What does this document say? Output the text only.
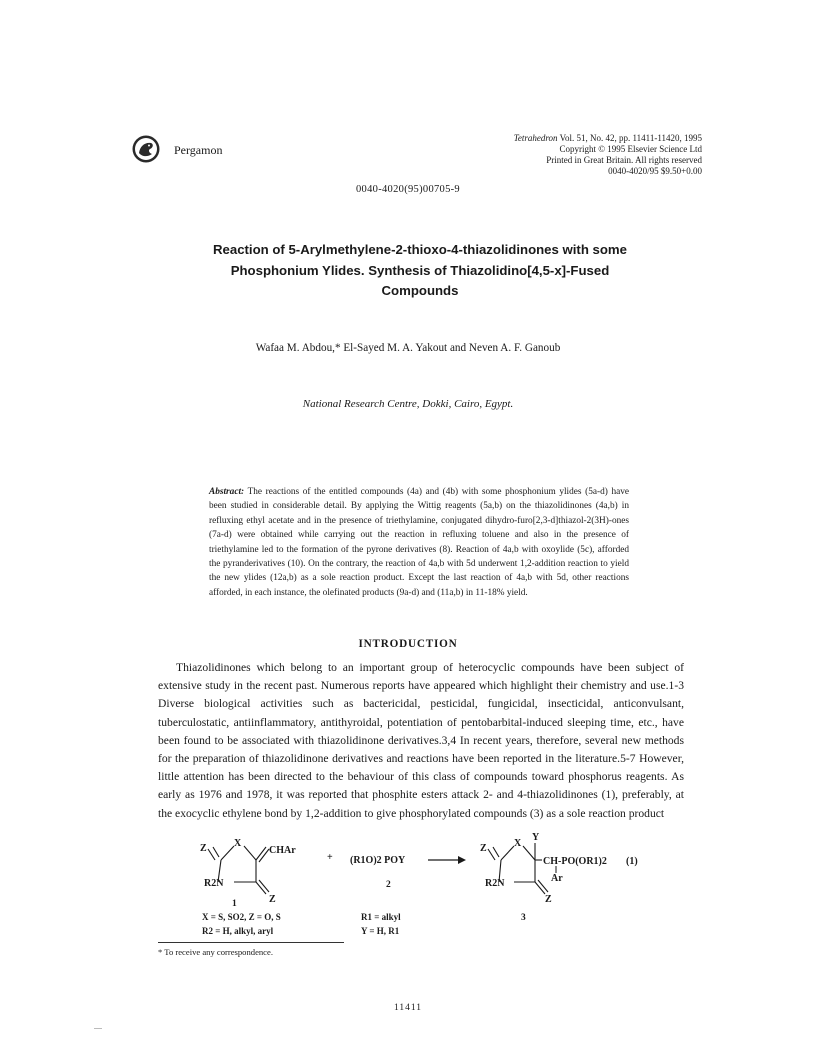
Pergamon
Tetrahedron Vol. 51, No. 42, pp. 11411-11420, 1995
Copyright © 1995 Elsevier Science Ltd
Printed in Great Britain. All rights reserved
0040-4020/95 $9.50+0.00
0040-4020(95)00705-9
Reaction of 5-Arylmethylene-2-thioxo-4-thiazolidinones with some Phosphonium Ylides. Synthesis of Thiazolidino[4,5-x]-Fused Compounds
Wafaa M. Abdou,* El-Sayed M. A. Yakout and Neven A. F. Ganoub
National Research Centre, Dokki, Cairo, Egypt.
Abstract: The reactions of the entitled compounds (4a) and (4b) with some phosphonium ylides (5a-d) have been studied in considerable detail. By applying the Wittig reagents (5a,b) on the thiazolidinones (4a,b) in refluxing ethyl acetate and in the presence of triethylamine, conjugated dihydro-furo[2,3-d]thiazol-2(3H)-ones (7a-d) were obtained while carrying out the reaction in refluxing toluene and also in the presence of triethylamine led to the formation of the pyrone derivatives (8). Reaction of 4a,b with oxoylide (5c), afforded the pyranderivatives (10). On the contrary, the reaction of 4a,b with 5d underwent 1,2-addition reaction to yield the new ylides (12a,b) as a sole reaction product. Except the last reaction of 4a,b with 5d, other reactions afforded, in each instance, the olefinated products (9a-d) and (11a,b) in 11-18% yield.
INTRODUCTION

Thiazolidinones which belong to an important group of heterocyclic compounds have been subject of extensive study in the recent past. Numerous reports have appeared which highlight their chemistry and use.1-3 Diverse biological activities such as bactericidal, pesticidal, fungicidal, insecticidal, anticonvulsant, tuberculostatic, antiinflammatory, antithyroidal, potentiation of pentobarbital-induced sleeping time, etc., have been found to be associated with thiazolidinone derivatives.3,4 In recent years, therefore, several new methods for the preparation of thiazolidinone derivatives and reactions have been reported in the literature.5-7 However, little attention has been directed to the behaviour of this class of compounds toward phosphorus reagents. As early as 1976 and 1978, it was reported that phosphite esters attack 2- and 4-thiazolidinones (1), preferably, at the exocyclic ethylene bond by 1,2-addition to give phosphorylated compounds (3) as a sole reaction product

Z	X
CHAr
R2N
Z
1
+ (R1O)2 POY
2
Z	X
Y
CH-PO(OR1)2 (1)
Ar
R2N
Z
3
X = S, SO2, Z = O, S
R2 = H, alkyl, aryl
R1 = alkyl
Y = H, R1
* To receive any correspondence.
11411
